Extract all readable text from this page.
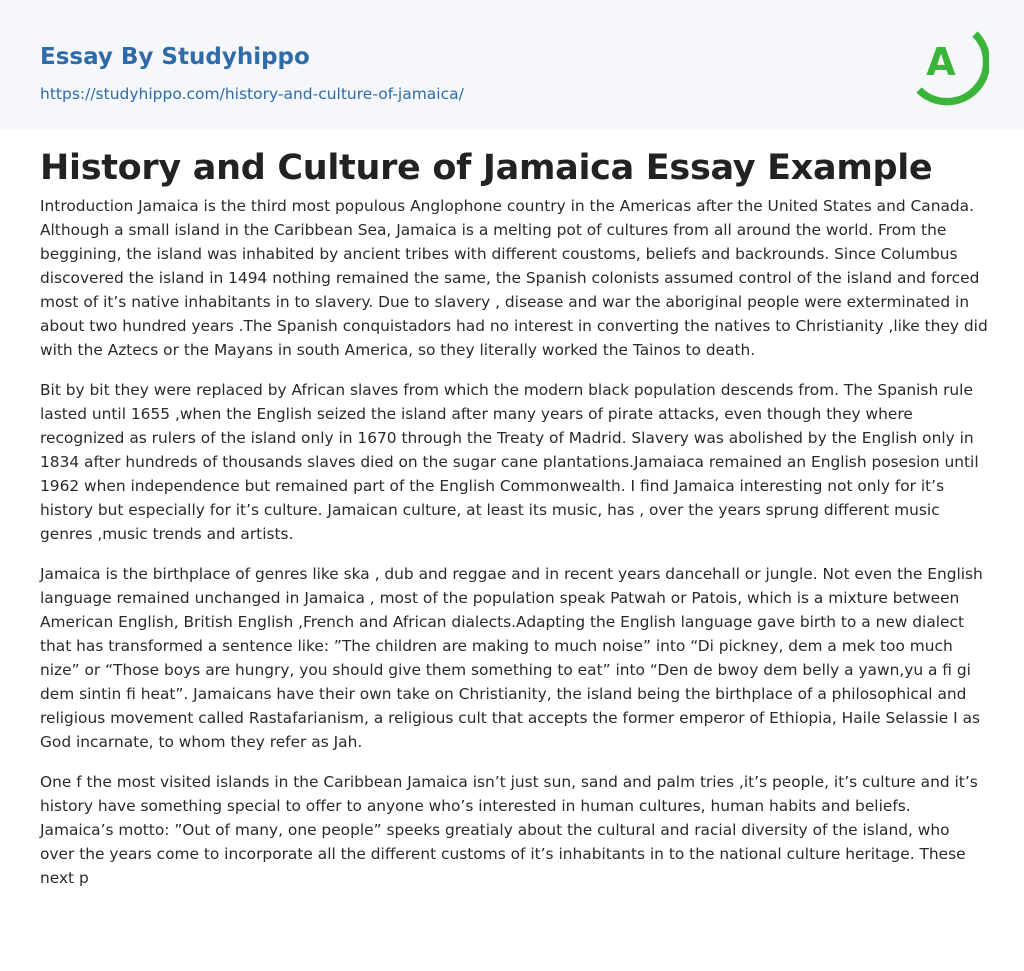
Essay By Studyhippo
https://studyhippo.com/history-and-culture-of-jamaica/
A
History and Culture of Jamaica Essay Example

Introduction Jamaica is the third most populous Anglophone country in the Americas after the United States and Canada. Although a small island in the Caribbean Sea, Jamaica is a melting pot of cultures from all around the world. From the beggining, the island was inhabited by ancient tribes with different coustoms, beliefs and backrounds. Since Columbus discovered the island in 1494 nothing remained the same, the Spanish colonists assumed control of the island and forced most of it’s native inhabitants in to slavery. Due to slavery , disease and war the aboriginal people were exterminated in about two hundred years .The Spanish conquistadors had no interest in converting the natives to Christianity ,like they did with the Aztecs or the Mayans in south America, so they literally worked the Tainos to death.

Bit by bit they were replaced by African slaves from which the modern black population descends from. The Spanish rule lasted until 1655 ,when the English seized the island after many years of pirate attacks, even though they where recognized as rulers of the island only in 1670 through the Treaty of Madrid. Slavery was abolished by the English only in 1834 after hundreds of thousands slaves died on the sugar cane plantations.Jamaiaca remained an English posesion until 1962 when independence but remained part of the English Commonwealth. I find Jamaica interesting not only for it’s history but especially for it’s culture. Jamaican culture, at least its music, has , over the years sprung different music genres ,music trends and artists.

Jamaica is the birthplace of genres like ska , dub and reggae and in recent years dancehall or jungle. Not even the English language remained unchanged in Jamaica , most of the population speak Patwah or Patois, which is a mixture between American English, British English ,French and African dialects.Adapting the English language gave birth to a new dialect that has transformed a sentence like: ”The children are making to much noise” into “Di pickney, dem a mek too much nize” or “Those boys are hungry, you should give them something to eat” into “Den de bwoy dem belly a yawn,yu a fi gi dem sintin fi heat”. Jamaicans have their own take on Christianity, the island being the birthplace of a philosophical and religious movement called Rastafarianism, a religious cult that accepts the former emperor of Ethiopia, Haile Selassie I as God incarnate, to whom they refer as Jah.

One f the most visited islands in the Caribbean Jamaica isn’t just sun, sand and palm tries ,it’s people, it’s culture and it’s history have something special to offer to anyone who’s interested in human cultures, human habits and beliefs. Jamaica’s motto: ”Out of many, one people” speeks greatialy about the cultural and racial diversity of the island, who over the years come to incorporate all the different customs of it’s inhabitants in to the national culture heritage. These next p
